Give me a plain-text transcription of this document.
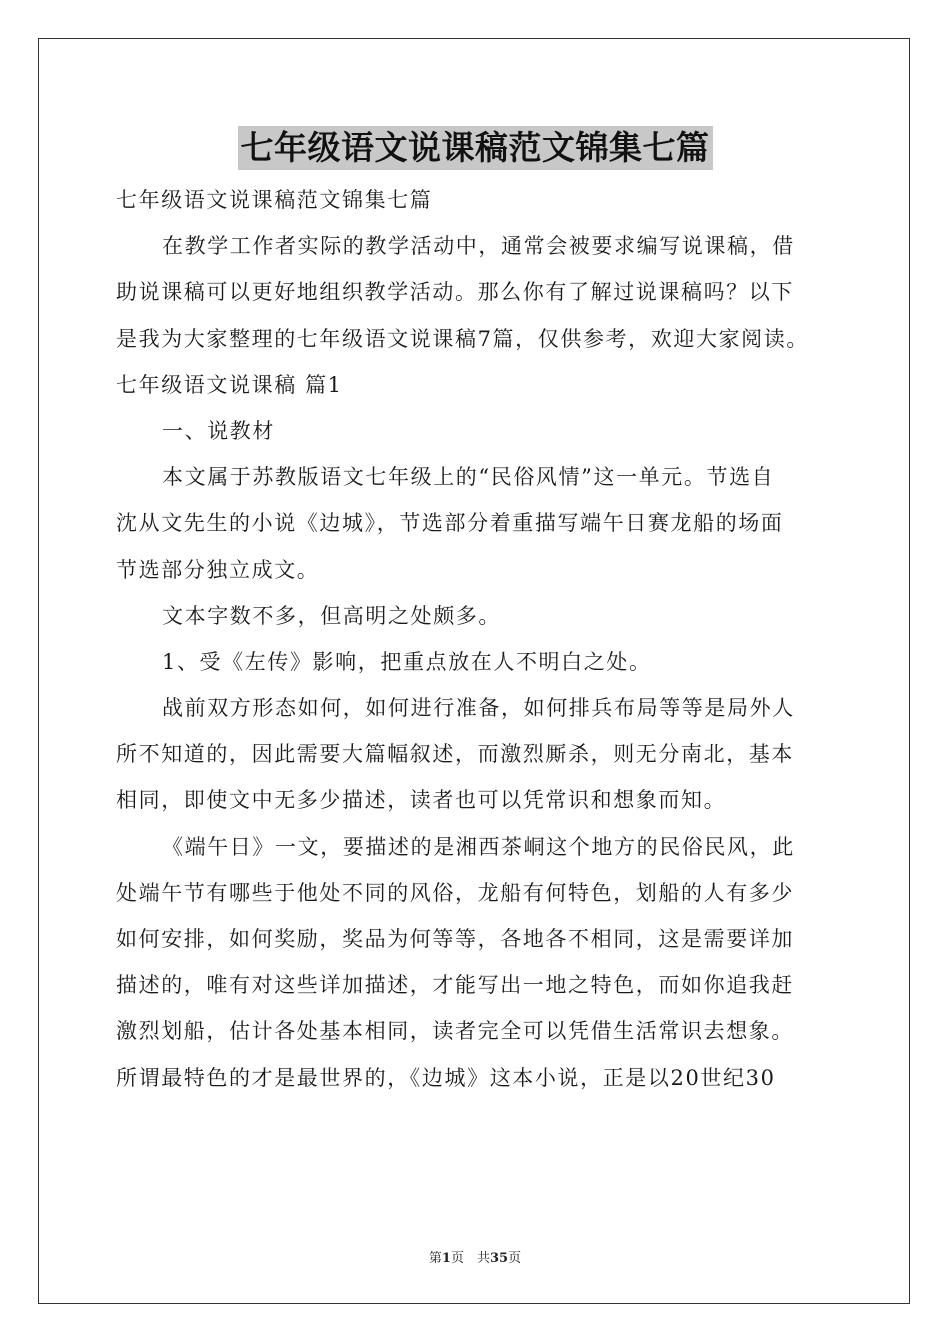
七年级语文说课稿范文锦集七篇
七年级语文说课稿范文锦集七篇
在教学工作者实际的教学活动中，通常会被要求编写说课稿，借
助说课稿可以更好地组织教学活动。那么你有了解过说课稿吗？以下
是我为大家整理的七年级语文说课稿7篇，仅供参考，欢迎大家阅读。
七年级语文说课稿 篇1
一、说教材
本文属于苏教版语文七年级上的“民俗风情”这一单元。节选自
沈从文先生的小说《边城》，节选部分着重描写端午日赛龙船的场面
节选部分独立成文。
文本字数不多，但高明之处颇多。
1、受《左传》影响，把重点放在人不明白之处。
战前双方形态如何，如何进行准备，如何排兵布局等等是局外人
所不知道的，因此需要大篇幅叙述，而激烈厮杀，则无分南北，基本
相同，即使文中无多少描述，读者也可以凭常识和想象而知。
《端午日》一文，要描述的是湘西茶峒这个地方的民俗民风，此
处端午节有哪些于他处不同的风俗，龙船有何特色，划船的人有多少
如何安排，如何奖励，奖品为何等等，各地各不相同，这是需要详加
描述的，唯有对这些详加描述，才能写出一地之特色，而如你追我赶
激烈划船，估计各处基本相同，读者完全可以凭借生活常识去想象。
所谓最特色的才是最世界的，《边城》这本小说，正是以20世纪30
第1页　共35页
